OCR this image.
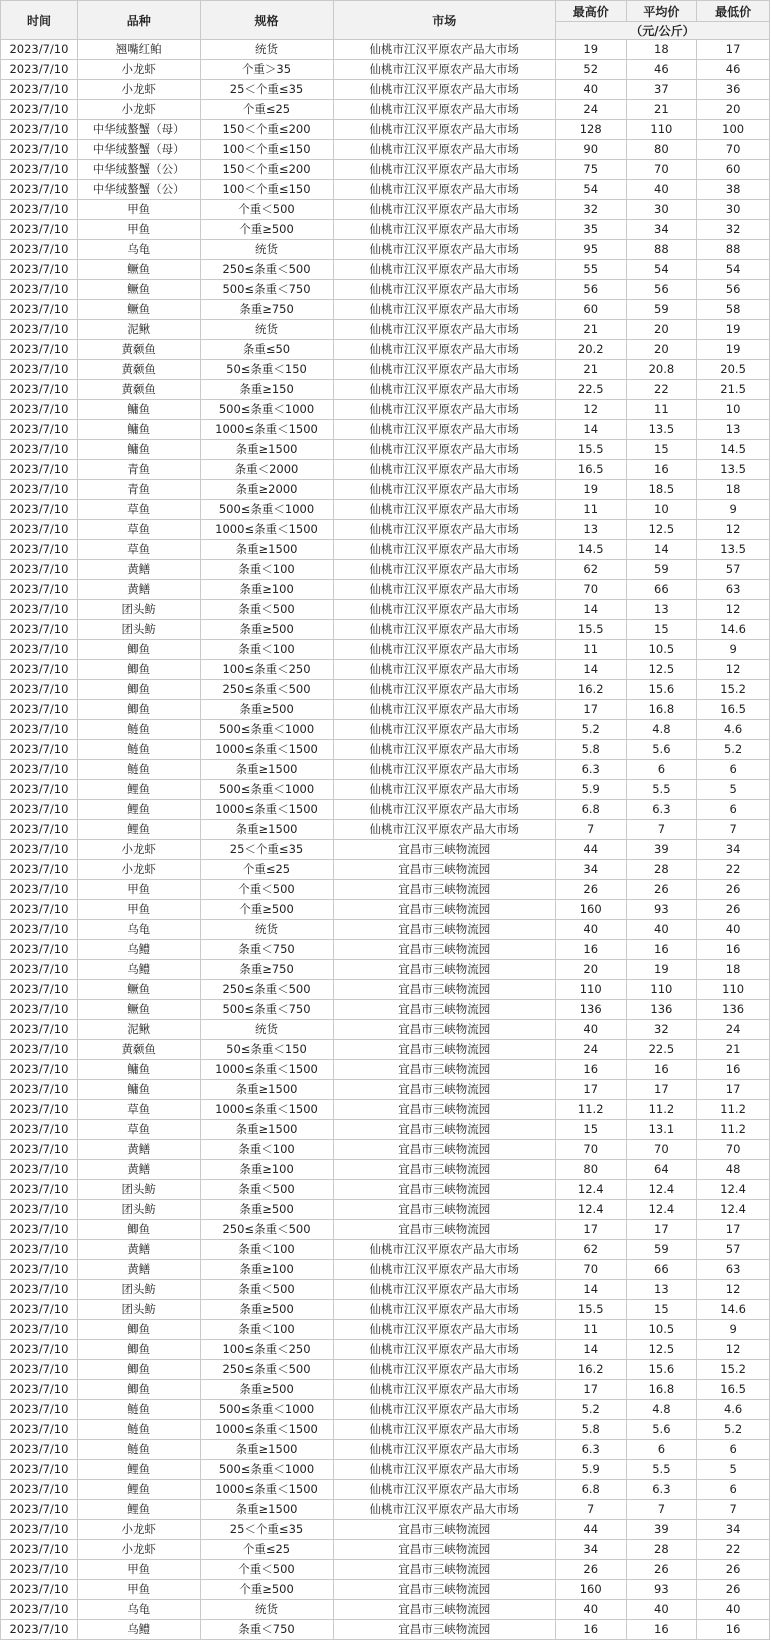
时间	品种	规格	市场	最高价	平均价	最低价
				（元/公斤）		
2023/7/10	翘嘴红鲌	统货	仙桃市江汉平原农产品大市场	19	18	17
2023/7/10	小龙虾	个重＞35	仙桃市江汉平原农产品大市场	52	46	46
2023/7/10	小龙虾	25＜个重≤35	仙桃市江汉平原农产品大市场	40	37	36
2023/7/10	小龙虾	个重≤25	仙桃市江汉平原农产品大市场	24	21	20
2023/7/10	中华绒螯蟹（母）	150＜个重≤200	仙桃市江汉平原农产品大市场	128	110	100
2023/7/10	中华绒螯蟹（母）	100＜个重≤150	仙桃市江汉平原农产品大市场	90	80	70
2023/7/10	中华绒螯蟹（公）	150＜个重≤200	仙桃市江汉平原农产品大市场	75	70	60
2023/7/10	中华绒螯蟹（公）	100＜个重≤150	仙桃市江汉平原农产品大市场	54	40	38
2023/7/10	甲鱼	个重＜500	仙桃市江汉平原农产品大市场	32	30	30
2023/7/10	甲鱼	个重≥500	仙桃市江汉平原农产品大市场	35	34	32
2023/7/10	乌龟	统货	仙桃市江汉平原农产品大市场	95	88	88
2023/7/10	鳜鱼	250≤条重＜500	仙桃市江汉平原农产品大市场	55	54	54
2023/7/10	鳜鱼	500≤条重＜750	仙桃市江汉平原农产品大市场	56	56	56
2023/7/10	鳜鱼	条重≥750	仙桃市江汉平原农产品大市场	60	59	58
2023/7/10	泥鳅	统货	仙桃市江汉平原农产品大市场	21	20	19
2023/7/10	黄颡鱼	条重≤50	仙桃市江汉平原农产品大市场	20.2	20	19
2023/7/10	黄颡鱼	50≤条重＜150	仙桃市江汉平原农产品大市场	21	20.8	20.5
2023/7/10	黄颡鱼	条重≥150	仙桃市江汉平原农产品大市场	22.5	22	21.5
2023/7/10	鳙鱼	500≤条重＜1000	仙桃市江汉平原农产品大市场	12	11	10
2023/7/10	鳙鱼	1000≤条重＜1500	仙桃市江汉平原农产品大市场	14	13.5	13
2023/7/10	鳙鱼	条重≥1500	仙桃市江汉平原农产品大市场	15.5	15	14.5
2023/7/10	青鱼	条重＜2000	仙桃市江汉平原农产品大市场	16.5	16	13.5
2023/7/10	青鱼	条重≥2000	仙桃市江汉平原农产品大市场	19	18.5	18
2023/7/10	草鱼	500≤条重＜1000	仙桃市江汉平原农产品大市场	11	10	9
2023/7/10	草鱼	1000≤条重＜1500	仙桃市江汉平原农产品大市场	13	12.5	12
2023/7/10	草鱼	条重≥1500	仙桃市江汉平原农产品大市场	14.5	14	13.5
2023/7/10	黄鳝	条重＜100	仙桃市江汉平原农产品大市场	62	59	57
2023/7/10	黄鳝	条重≥100	仙桃市江汉平原农产品大市场	70	66	63
2023/7/10	团头鲂	条重＜500	仙桃市江汉平原农产品大市场	14	13	12
2023/7/10	团头鲂	条重≥500	仙桃市江汉平原农产品大市场	15.5	15	14.6
2023/7/10	鲫鱼	条重＜100	仙桃市江汉平原农产品大市场	11	10.5	9
2023/7/10	鲫鱼	100≤条重＜250	仙桃市江汉平原农产品大市场	14	12.5	12
2023/7/10	鲫鱼	250≤条重＜500	仙桃市江汉平原农产品大市场	16.2	15.6	15.2
2023/7/10	鲫鱼	条重≥500	仙桃市江汉平原农产品大市场	17	16.8	16.5
2023/7/10	鲢鱼	500≤条重＜1000	仙桃市江汉平原农产品大市场	5.2	4.8	4.6
2023/7/10	鲢鱼	1000≤条重＜1500	仙桃市江汉平原农产品大市场	5.8	5.6	5.2
2023/7/10	鲢鱼	条重≥1500	仙桃市江汉平原农产品大市场	6.3	6	6
2023/7/10	鲤鱼	500≤条重＜1000	仙桃市江汉平原农产品大市场	5.9	5.5	5
2023/7/10	鲤鱼	1000≤条重＜1500	仙桃市江汉平原农产品大市场	6.8	6.3	6
2023/7/10	鲤鱼	条重≥1500	仙桃市江汉平原农产品大市场	7	7	7
2023/7/10	小龙虾	25＜个重≤35	宜昌市三峡物流园	44	39	34
2023/7/10	小龙虾	个重≤25	宜昌市三峡物流园	34	28	22
2023/7/10	甲鱼	个重＜500	宜昌市三峡物流园	26	26	26
2023/7/10	甲鱼	个重≥500	宜昌市三峡物流园	160	93	26
2023/7/10	乌龟	统货	宜昌市三峡物流园	40	40	40
2023/7/10	乌鳢	条重＜750	宜昌市三峡物流园	16	16	16
2023/7/10	乌鳢	条重≥750	宜昌市三峡物流园	20	19	18
2023/7/10	鳜鱼	250≤条重＜500	宜昌市三峡物流园	110	110	110
2023/7/10	鳜鱼	500≤条重＜750	宜昌市三峡物流园	136	136	136
2023/7/10	泥鳅	统货	宜昌市三峡物流园	40	32	24
2023/7/10	黄颡鱼	50≤条重＜150	宜昌市三峡物流园	24	22.5	21
2023/7/10	鳙鱼	1000≤条重＜1500	宜昌市三峡物流园	16	16	16
2023/7/10	鳙鱼	条重≥1500	宜昌市三峡物流园	17	17	17
2023/7/10	草鱼	1000≤条重＜1500	宜昌市三峡物流园	11.2	11.2	11.2
2023/7/10	草鱼	条重≥1500	宜昌市三峡物流园	15	13.1	11.2
2023/7/10	黄鳝	条重＜100	宜昌市三峡物流园	70	70	70
2023/7/10	黄鳝	条重≥100	宜昌市三峡物流园	80	64	48
2023/7/10	团头鲂	条重＜500	宜昌市三峡物流园	12.4	12.4	12.4
2023/7/10	团头鲂	条重≥500	宜昌市三峡物流园	12.4	12.4	12.4
2023/7/10	鲫鱼	250≤条重＜500	宜昌市三峡物流园	17	17	17
2023/7/10	黄鳝	条重＜100	仙桃市江汉平原农产品大市场	62	59	57
2023/7/10	黄鳝	条重≥100	仙桃市江汉平原农产品大市场	70	66	63
2023/7/10	团头鲂	条重＜500	仙桃市江汉平原农产品大市场	14	13	12
2023/7/10	团头鲂	条重≥500	仙桃市江汉平原农产品大市场	15.5	15	14.6
2023/7/10	鲫鱼	条重＜100	仙桃市江汉平原农产品大市场	11	10.5	9
2023/7/10	鲫鱼	100≤条重＜250	仙桃市江汉平原农产品大市场	14	12.5	12
2023/7/10	鲫鱼	250≤条重＜500	仙桃市江汉平原农产品大市场	16.2	15.6	15.2
2023/7/10	鲫鱼	条重≥500	仙桃市江汉平原农产品大市场	17	16.8	16.5
2023/7/10	鲢鱼	500≤条重＜1000	仙桃市江汉平原农产品大市场	5.2	4.8	4.6
2023/7/10	鲢鱼	1000≤条重＜1500	仙桃市江汉平原农产品大市场	5.8	5.6	5.2
2023/7/10	鲢鱼	条重≥1500	仙桃市江汉平原农产品大市场	6.3	6	6
2023/7/10	鲤鱼	500≤条重＜1000	仙桃市江汉平原农产品大市场	5.9	5.5	5
2023/7/10	鲤鱼	1000≤条重＜1500	仙桃市江汉平原农产品大市场	6.8	6.3	6
2023/7/10	鲤鱼	条重≥1500	仙桃市江汉平原农产品大市场	7	7	7
2023/7/10	小龙虾	25＜个重≤35	宜昌市三峡物流园	44	39	34
2023/7/10	小龙虾	个重≤25	宜昌市三峡物流园	34	28	22
2023/7/10	甲鱼	个重＜500	宜昌市三峡物流园	26	26	26
2023/7/10	甲鱼	个重≥500	宜昌市三峡物流园	160	93	26
2023/7/10	乌龟	统货	宜昌市三峡物流园	40	40	40
2023/7/10	乌鳢	条重＜750	宜昌市三峡物流园	16	16	16
